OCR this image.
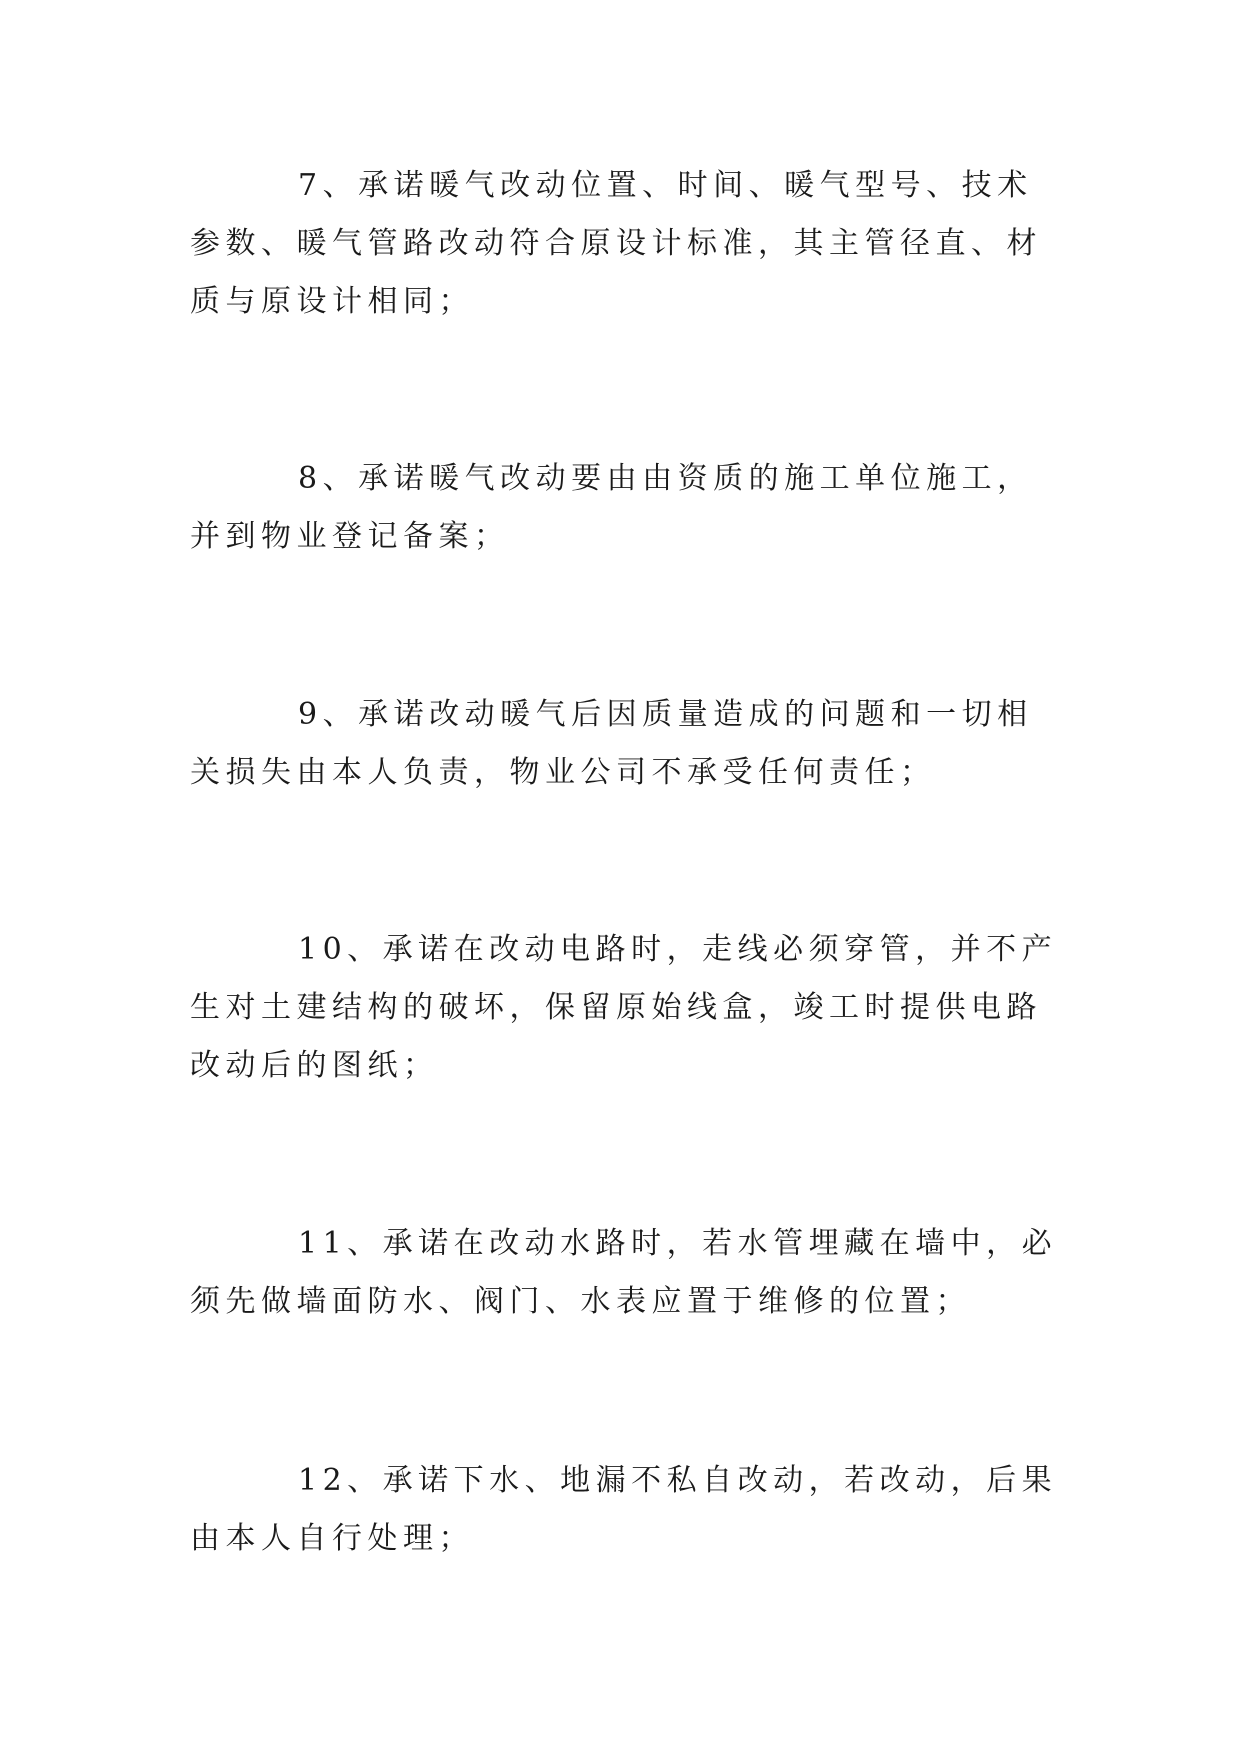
7、承诺暖气改动位置、时间、暖气型号、技术参数、暖气管路改动符合原设计标准，其主管径直、材质与原设计相同；

8、承诺暖气改动要由由资质的施工单位施工，并到物业登记备案；

9、承诺改动暖气后因质量造成的问题和一切相关损失由本人负责，物业公司不承受任何责任；

10、承诺在改动电路时，走线必须穿管，并不产生对土建结构的破坏，保留原始线盒，竣工时提供电路改动后的图纸；

11、承诺在改动水路时，若水管埋藏在墙中，必须先做墙面防水、阀门、水表应置于维修的位置；

12、承诺下水、地漏不私自改动，若改动，后果由本人自行处理；
